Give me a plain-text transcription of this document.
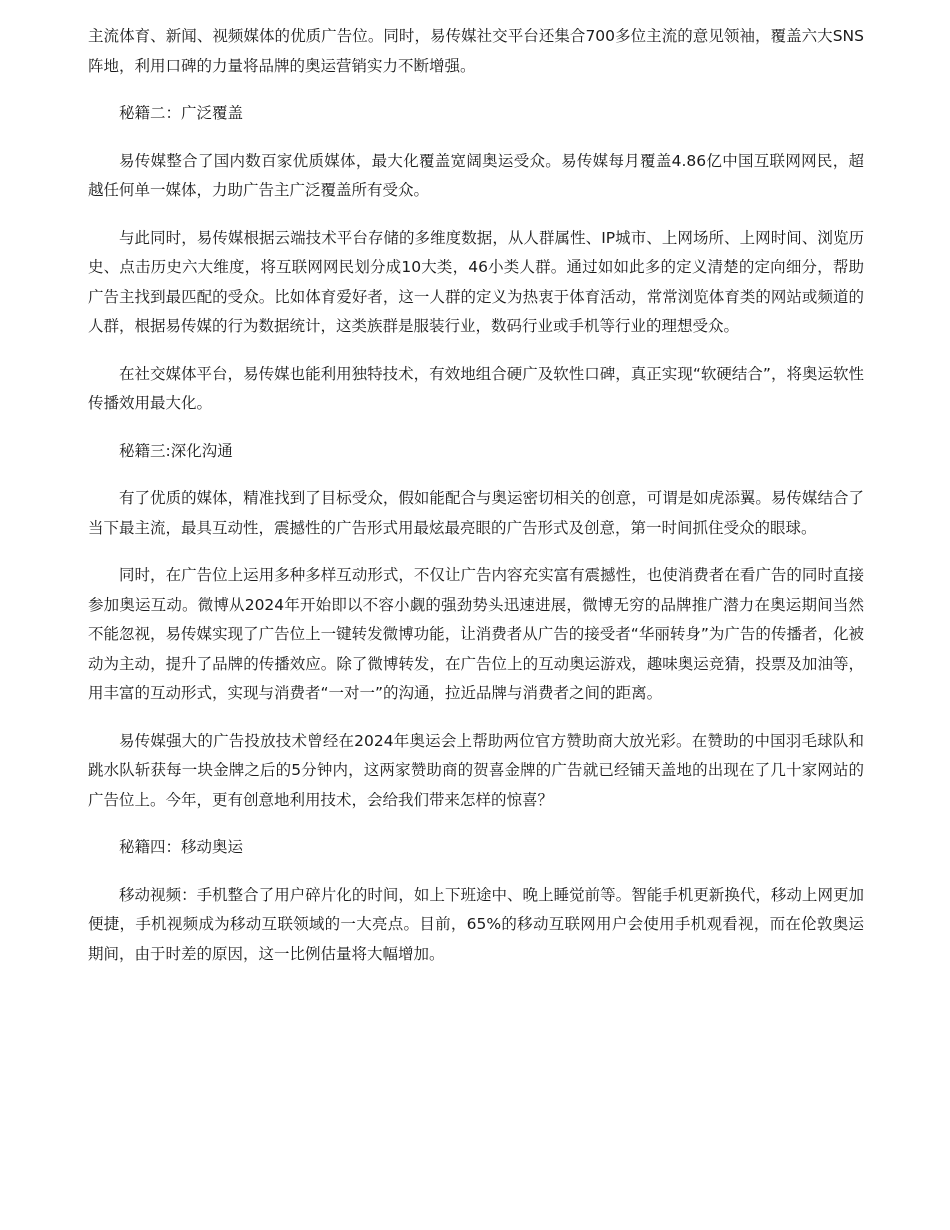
主流体育、新闻、视频媒体的优质广告位。同时，易传媒社交平台还集合700多位主流的意见领袖，覆盖六大SNS阵地，利用口碑的力量将品牌的奥运营销实力不断增强。

秘籍二：广泛覆盖

易传媒整合了国内数百家优质媒体，最大化覆盖宽阔奥运受众。易传媒每月覆盖4.86亿中国互联网网民，超越任何单一媒体，力助广告主广泛覆盖所有受众。

与此同时，易传媒根据云端技术平台存储的多维度数据，从人群属性、IP城市、上网场所、上网时间、浏览历史、点击历史六大维度，将互联网网民划分成10大类，46小类人群。通过如如此多的定义清楚的定向细分，帮助广告主找到最匹配的受众。比如体育爱好者，这一人群的定义为热衷于体育活动，常常浏览体育类的网站或频道的人群，根据易传媒的行为数据统计，这类族群是服装行业，数码行业或手机等行业的理想受众。

在社交媒体平台，易传媒也能利用独特技术，有效地组合硬广及软性口碑，真正实现“软硬结合”，将奥运软性传播效用最大化。

秘籍三:深化沟通

有了优质的媒体，精准找到了目标受众，假如能配合与奥运密切相关的创意，可谓是如虎添翼。易传媒结合了当下最主流，最具互动性，震撼性的广告形式用最炫最亮眼的广告形式及创意，第一时间抓住受众的眼球。

同时，在广告位上运用多种多样互动形式，不仅让广告内容充实富有震撼性，也使消费者在看广告的同时直接参加奥运互动。微博从2024年开始即以不容小觑的强劲势头迅速进展，微博无穷的品牌推广潜力在奥运期间当然不能忽视，易传媒实现了广告位上一键转发微博功能，让消费者从广告的接受者“华丽转身”为广告的传播者，化被动为主动，提升了品牌的传播效应。除了微博转发，在广告位上的互动奥运游戏，趣味奥运竞猜，投票及加油等，用丰富的互动形式，实现与消费者“一对一”的沟通，拉近品牌与消费者之间的距离。

易传媒强大的广告投放技术曾经在2024年奥运会上帮助两位官方赞助商大放光彩。在赞助的中国羽毛球队和跳水队斩获每一块金牌之后的5分钟内，这两家赞助商的贺喜金牌的广告就已经铺天盖地的出现在了几十家网站的广告位上。今年，更有创意地利用技术，会给我们带来怎样的惊喜？

秘籍四：移动奥运

移动视频：手机整合了用户碎片化的时间，如上下班途中、晚上睡觉前等。智能手机更新换代，移动上网更加便捷，手机视频成为移动互联领域的一大亮点。目前，65%的移动互联网用户会使用手机观看视，而在伦敦奥运期间，由于时差的原因，这一比例估量将大幅增加。
